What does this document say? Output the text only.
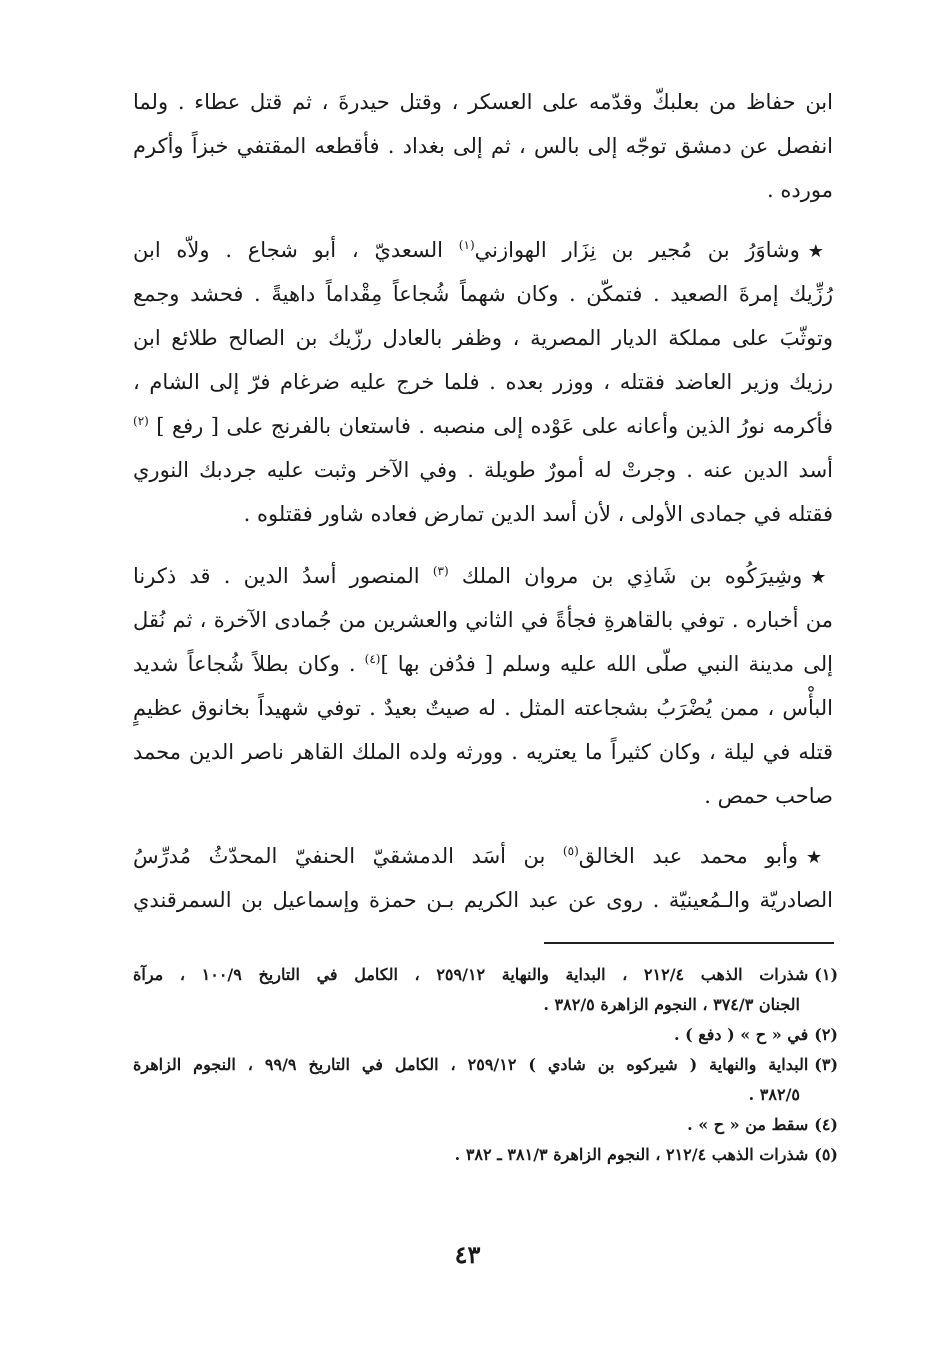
ابن حفاظ من بعلبكّ وقدّمه على العسكر ، وقتل حيدرةَ ، ثم قتل عطاء . ولما
انفصل عن دمشق توجّه إلى بالس ، ثم إلى بغداد . فأقطعه المقتفي خبزاً وأكرم
مورده .
★وشاوَرُ بن مُجير بن نِزَار الهوازني$^{(١)}$ السعديّ ، أبو شجاع . ولاّه ابن
رُزِّيك إمرةَ الصعيد . فتمكّن . وكان شهماً شُجاعاً مِقْداماً داهيةً . فحشد وجمع
وتوثّبَ على مملكة الديار المصرية ، وظفر بالعادل رزّيك بن الصالح طلائع ابن
رزيك وزير العاضد فقتله ، ووزر بعده . فلما خرج عليه ضرغام فرّ إلى الشام ،
فأكرمه نورُ الذين وأعانه على عَوْده إلى منصبه . فاستعان بالفرنج على [ رفع ] $^{(٢)}$
أسد الدين عنه . وجرتْ له أمورٌ طويلة . وفي الآخر وثبت عليه جردبك النوري
فقتله في جمادى الأولى ، لأن أسد الدين تمارض فعاده شاور فقتلوه .
★وشِيرَكُوه بن شَاذِي بن مروان الملك $^{(٣)}$ المنصور أسدُ الدين . قد ذكرنا
من أخباره . توفي بالقاهرةِ فجأةً في الثاني والعشرين من جُمادى الآخرة ، ثم نُقل
إلى مدينة النبي صلّى الله عليه وسلم [ فدُفن بها ]$^{(٤)}$ . وكان بطلاً شُجاعاً شديد
البأْس ، ممن يُضْرَبُ بشجاعته المثل . له صيتٌ بعيدٌ . توفي شهيداً بخانوق عظيمٍ
قتله في ليلة ، وكان كثيراً ما يعتريه . وورثه ولده الملك القاهر ناصر الدين محمد
صاحب حمص .
★وأبو محمد عبد الخالق$^{(٥)}$ بن أسَد الدمشقيّ الحنفيّ المحدّثُ مُدرِّسُ
الصادريّة والـمُعينيّة . روى عن عبد الكريم بـن حمزة وإسماعيل بن السمرقندي
(١)شذرات الذهب ٢١٢/٤ ، البداية والنهاية ٢٥٩/١٢ ، الكامل في التاريخ ١٠٠/٩ ، مرآة
الجنان ٣٧٤/٣ ، النجوم الزاهرة ٣٨٢/٥ .
(٢)في « ح » ( دفع ) .
(٣)البداية والنهاية ( شيركوه بن شادي ) ٢٥٩/١٢ ، الكامل في التاريخ ٩٩/٩ ، النجوم الزاهرة
٣٨٢/٥ .
(٤)سقط من « ح » .
(٥)شذرات الذهب ٢١٢/٤ ، النجوم الزاهرة ٣٨١/٣ ـ ٣٨٢ .
٤٣
